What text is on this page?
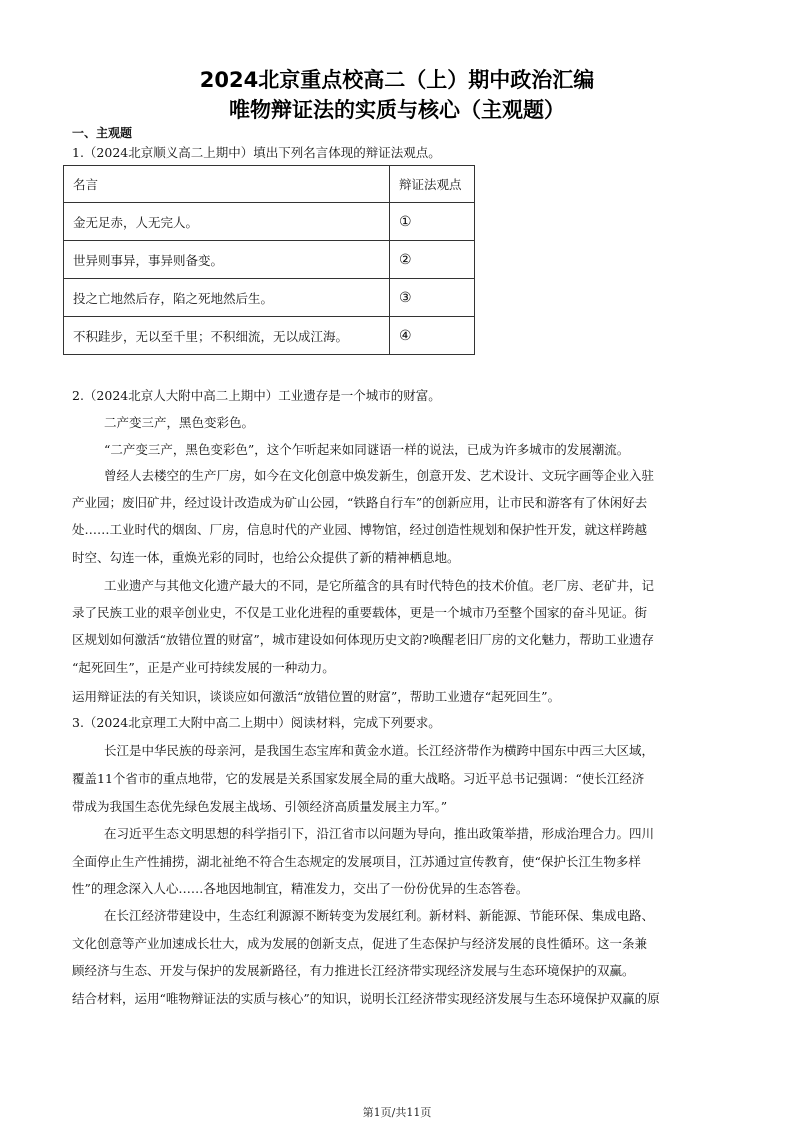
2024北京重点校高二（上）期中政治汇编
唯物辩证法的实质与核心（主观题）
一、主观题
1.（2024北京顺义高二上期中）填出下列名言体现的辩证法观点。
名言	辩证法观点
金无足赤，人无完人。	①
世异则事异，事异则备变。	②
投之亡地然后存，陷之死地然后生。	③
不积跬步，无以至千里；不积细流，无以成江海。	④
2.（2024北京人大附中高二上期中）工业遗存是一个城市的财富。
二产变三产，黑色变彩色。
“二产变三产，黑色变彩色”，这个乍听起来如同谜语一样的说法，已成为许多城市的发展潮流。
曾经人去楼空的生产厂房，如今在文化创意中焕发新生，创意开发、艺术设计、文玩字画等企业入驻
产业园；废旧矿井，经过设计改造成为矿山公园，“铁路自行车”的创新应用，让市民和游客有了休闲好去
处……工业时代的烟囱、厂房，信息时代的产业园、博物馆，经过创造性规划和保护性开发，就这样跨越
时空、勾连一体，重焕光彩的同时，也给公众提供了新的精神栖息地。
工业遗产与其他文化遗产最大的不同，是它所蕴含的具有时代特色的技术价值。老厂房、老矿井，记
录了民族工业的艰辛创业史，不仅是工业化进程的重要载体，更是一个城市乃至整个国家的奋斗见证。街
区规划如何激活“放错位置的财富”，城市建设如何体现历史文韵?唤醒老旧厂房的文化魅力，帮助工业遗存
“起死回生”，正是产业可持续发展的一种动力。
运用辩证法的有关知识，谈谈应如何激活“放错位置的财富”，帮助工业遗存“起死回生”。
3.（2024北京理工大附中高二上期中）阅读材料，完成下列要求。
长江是中华民族的母亲河，是我国生态宝库和黄金水道。长江经济带作为横跨中国东中西三大区域，
覆盖11个省市的重点地带，它的发展是关系国家发展全局的重大战略。习近平总书记强调：“使长江经济
带成为我国生态优先绿色发展主战场、引领经济高质量发展主力军。”
在习近平生态文明思想的科学指引下，沿江省市以问题为导向，推出政策举措，形成治理合力。四川
全面停止生产性捕捞，湖北祉绝不符合生态规定的发展项目，江苏通过宣传教育，使“保护长江生物多样
性”的理念深入人心……各地因地制宜，精准发力，交出了一份份优异的生态答卷。
在长江经济带建设中，生态红利源源不断转变为发展红利。新材料、新能源、节能环保、集成电路、
文化创意等产业加速成长壮大，成为发展的创新支点，促进了生态保护与经济发展的良性循环。这一条兼
顾经济与生态、开发与保护的发展新路径，有力推进长江经济带实现经济发展与生态环境保护的双赢。
结合材料，运用“唯物辩证法的实质与核心”的知识，说明长江经济带实现经济发展与生态环境保护双赢的原
第1页/共11页
